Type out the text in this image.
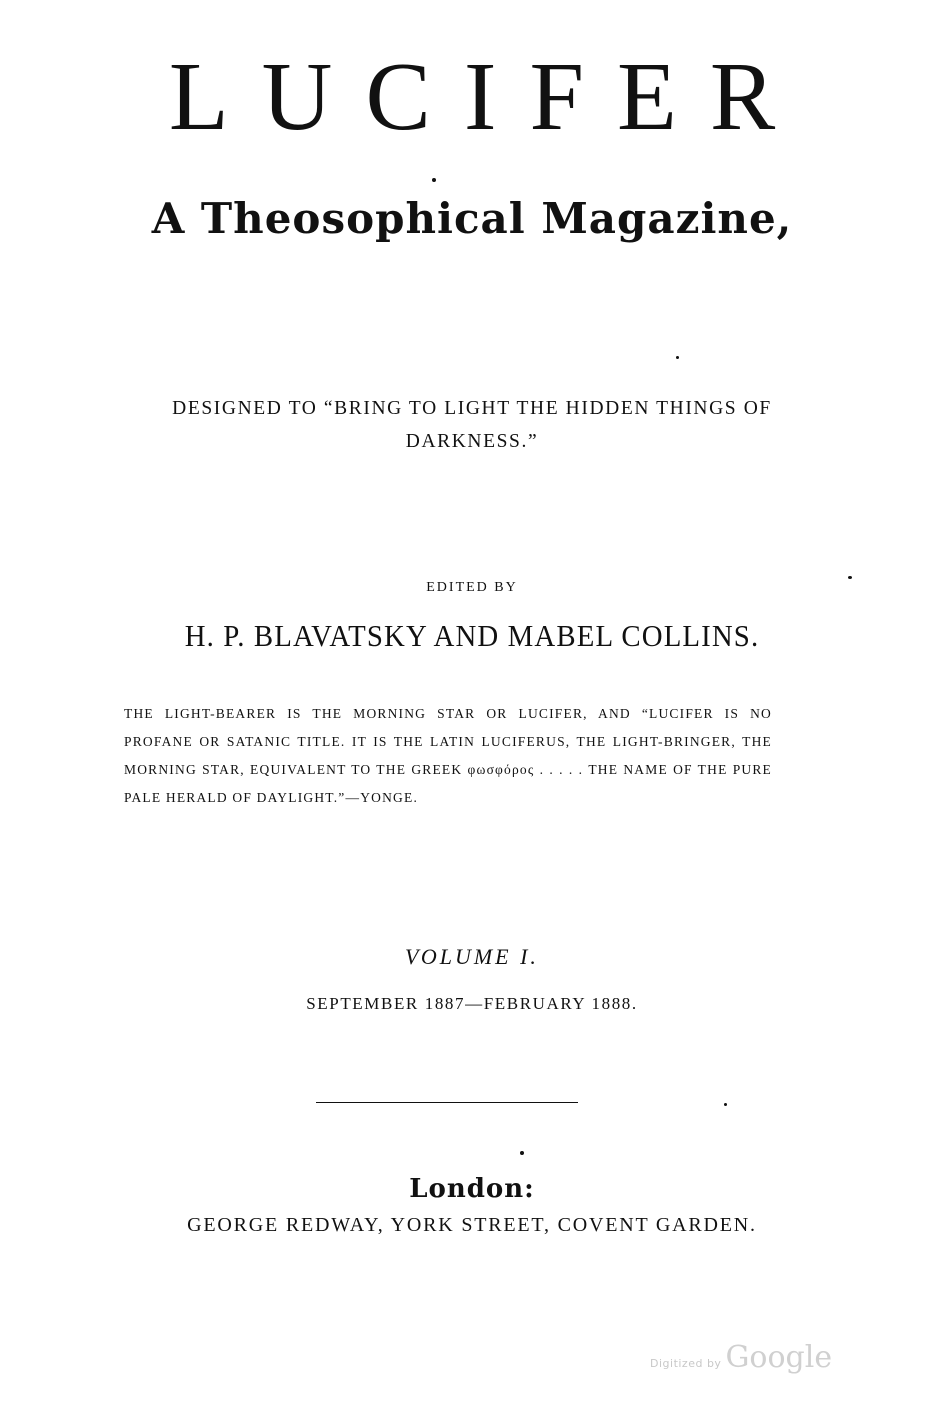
LUCIFER
A Theosophical Magazine,
DESIGNED TO “BRING TO LIGHT THE HIDDEN THINGS OF
DARKNESS.”
EDITED BY
H. P. BLAVATSKY AND MABEL COLLINS.
THE LIGHT-BEARER IS THE MORNING STAR OR LUCIFER, AND “LUCIFER IS NO PROFANE OR SATANIC TITLE. IT IS THE LATIN LUCIFERUS, THE LIGHT-BRINGER, THE MORNING STAR, EQUIVALENT TO THE GREEK φωσφόρος . . . . . THE NAME OF THE PURE PALE HERALD OF DAYLIGHT.”—YONGE.
VOLUME I.
SEPTEMBER 1887—FEBRUARY 1888.
London:
GEORGE REDWAY, YORK STREET, COVENT GARDEN.
Digitized by Google
